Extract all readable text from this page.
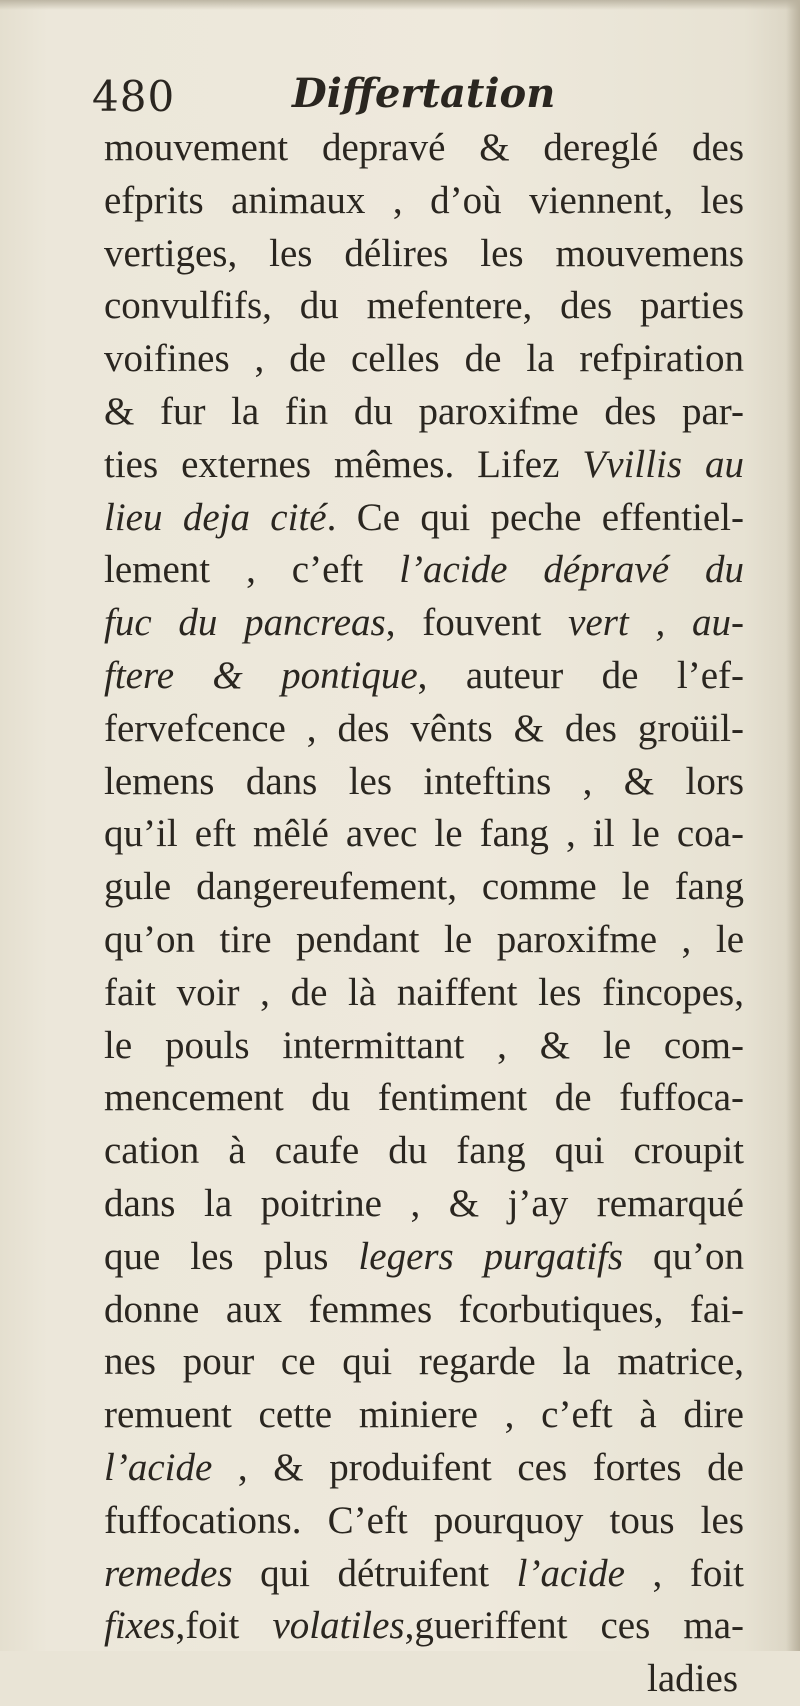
480	Differtation
mouvement depravé & dereglé des
efprits animaux , d’où viennent, les
vertiges, les délires les mouvemens
convulfifs, du mefentere, des parties
voifines , de celles de la refpiration
& fur la fin du paroxifme des par-
ties externes mêmes. Lifez Vvillis au
lieu deja cité. Ce qui peche effentiel-
lement , c’eft l’acide dépravé du
fuc du pancreas, fouvent vert , au-
ftere & pontique, auteur de l’ef-
fervefcence , des vênts & des groüil-
lemens dans les inteftins , & lors
qu’il eft mêlé avec le fang , il le coa-
gule dangereufement, comme le fang
qu’on tire pendant le paroxifme , le
fait voir , de là naiffent les fincopes,
le pouls intermittant , & le com-
mencement du fentiment de fuffoca-
cation à caufe du fang qui croupit
dans la poitrine , & j’ay remarqué
que les plus legers purgatifs qu’on
donne aux femmes fcorbutiques, fai-
nes pour ce qui regarde la matrice,
remuent cette miniere , c’eft à dire
l’acide , & produifent ces fortes de
fuffocations. C’eft pourquoy tous les
remedes qui détruifent l’acide , foit
fixes,foit volatiles,gueriffent ces ma-
ladies
